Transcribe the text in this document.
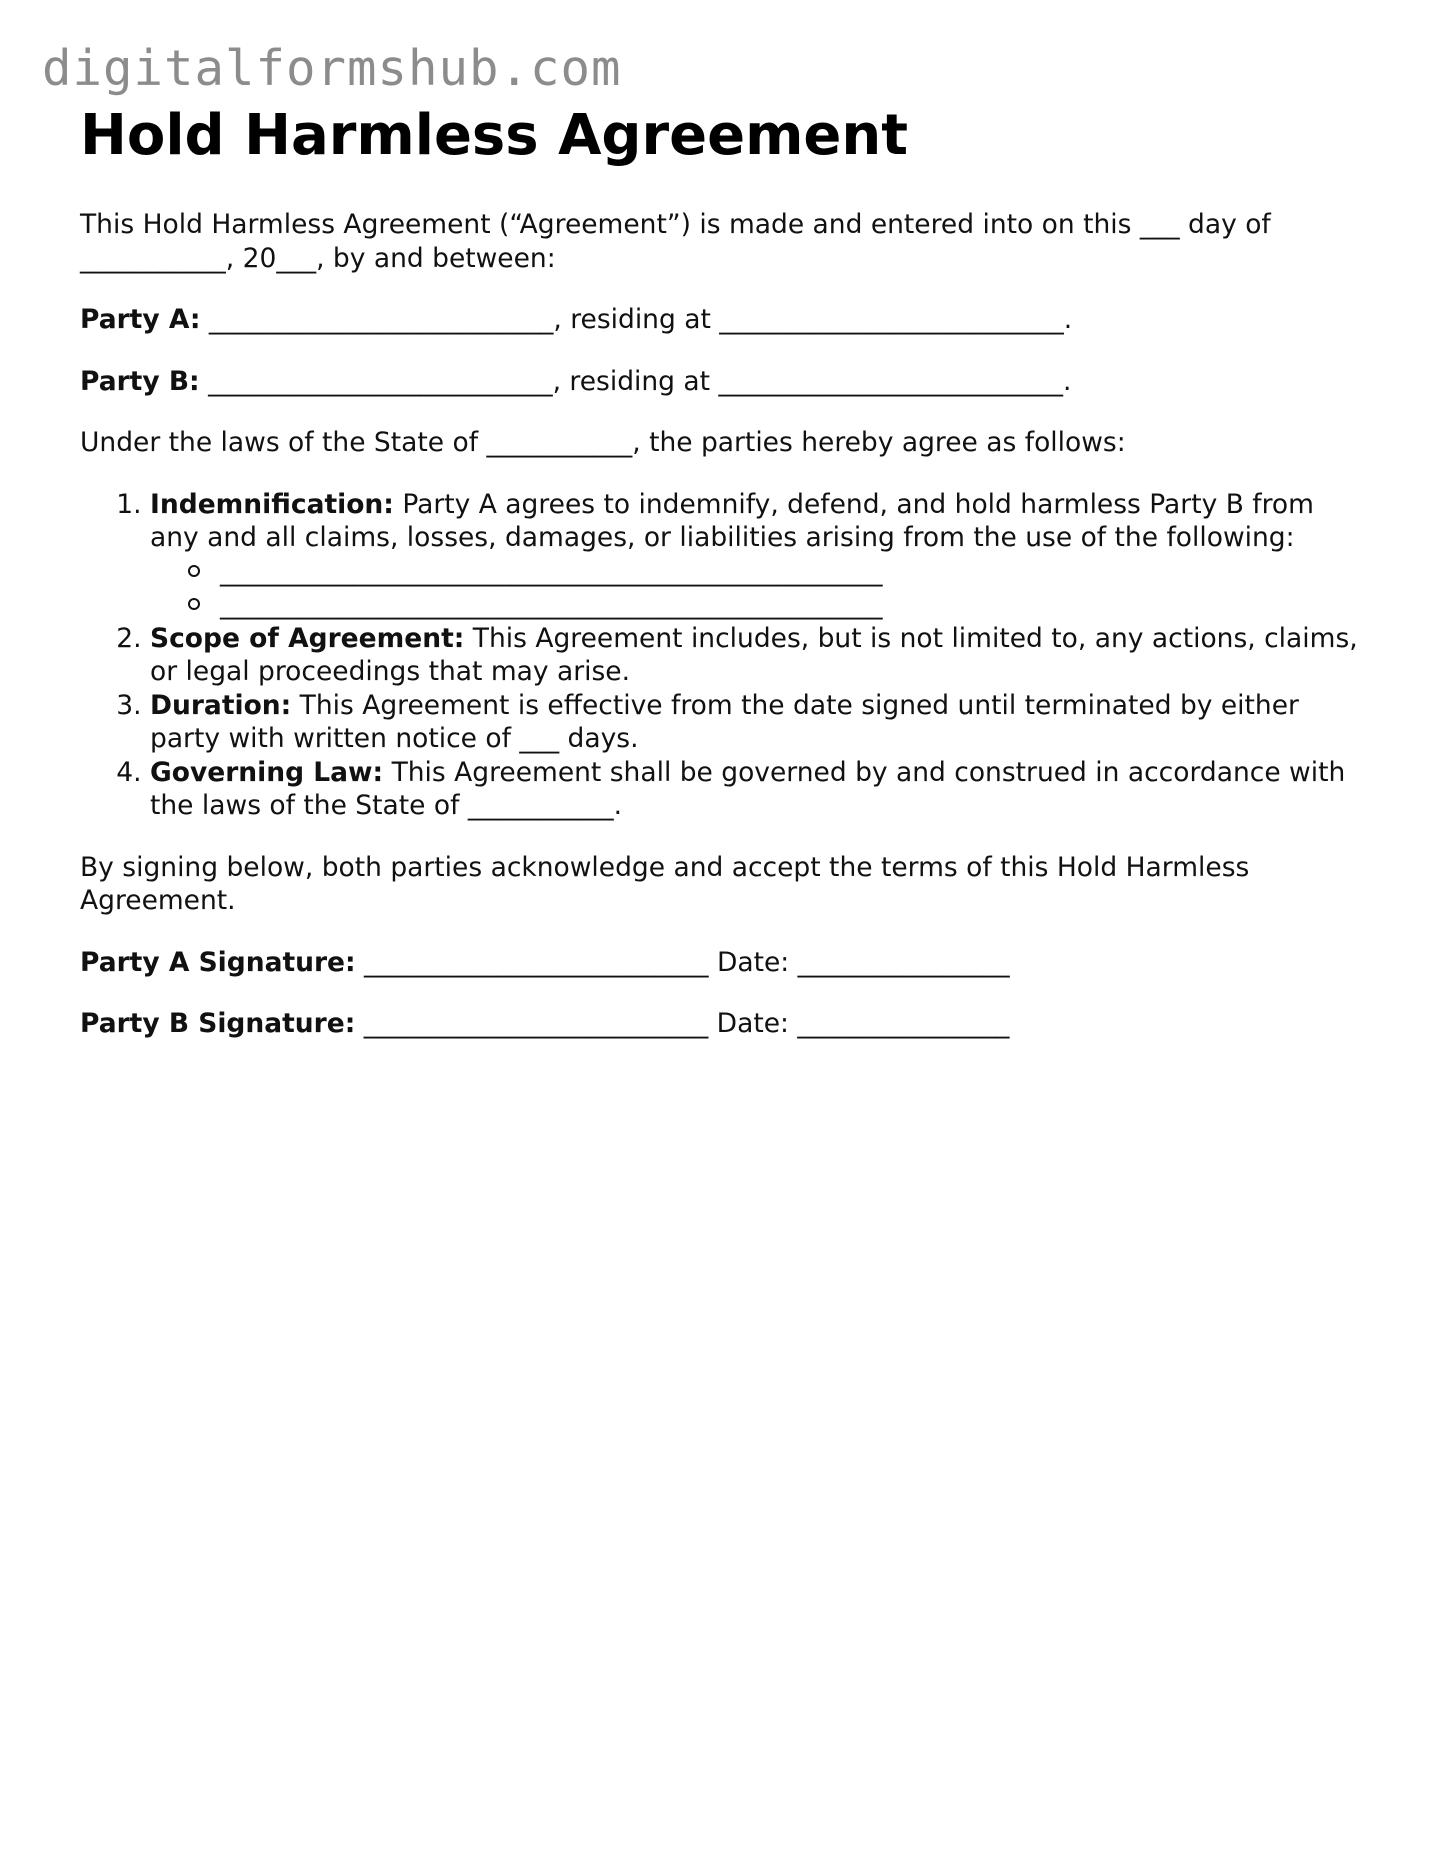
digitalformshub.com
Hold Harmless Agreement

This Hold Harmless Agreement (“Agreement”) is made and entered into on this ___ day of ___________, 20___, by and between:

Party A: __________________________, residing at __________________________.

Party B: __________________________, residing at __________________________.

Under the laws of the State of ___________, the parties hereby agree as follows:

1. Indemnification: Party A agrees to indemnify, defend, and hold harmless Party B from any and all claims, losses, damages, or liabilities arising from the use of the following:
__________________________________________________
__________________________________________________
2. Scope of Agreement: This Agreement includes, but is not limited to, any actions, claims, or legal proceedings that may arise.
3. Duration: This Agreement is effective from the date signed until terminated by either party with written notice of ___ days.
4. Governing Law: This Agreement shall be governed by and construed in accordance with the laws of the State of ___________.

By signing below, both parties acknowledge and accept the terms of this Hold Harmless Agreement.

Party A Signature: __________________________ Date: ________________

Party B Signature: __________________________ Date: ________________
